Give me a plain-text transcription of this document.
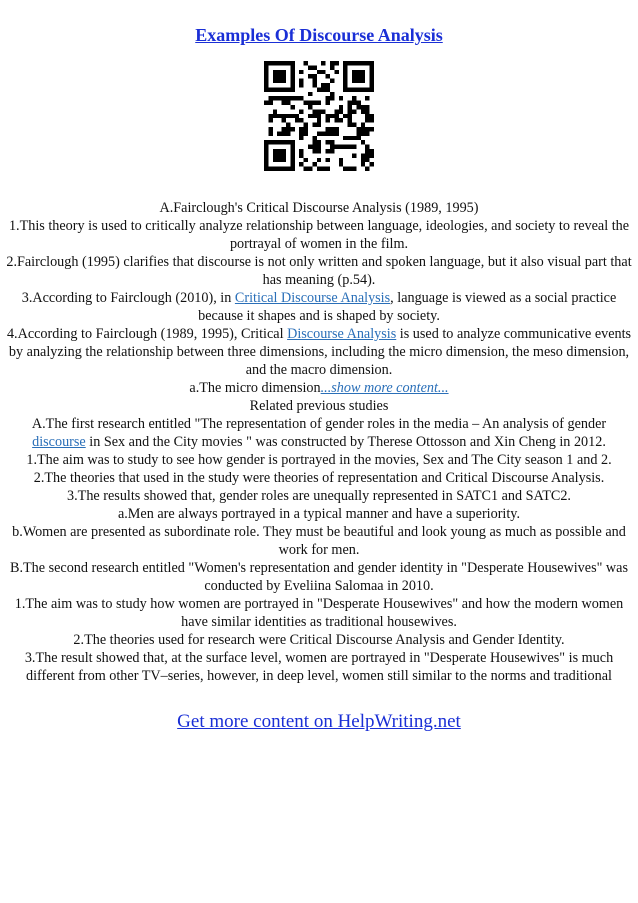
Examples Of Discourse Analysis

A.Fairclough's Critical Discourse Analysis (1989, 1995)

1.This theory is used to critically analyze relationship between language, ideologies, and society to reveal the portrayal of women in the film.

2.Fairclough (1995) clarifies that discourse is not only written and spoken language, but it also visual part that has meaning (p.54).

3.According to Fairclough (2010), in Critical Discourse Analysis, language is viewed as a social practice because it shapes and is shaped by society.

4.According to Fairclough (1989, 1995), Critical Discourse Analysis is used to analyze communicative events by analyzing the relationship between three dimensions, including the micro dimension, the meso dimension, and the macro dimension.

a.The micro dimension...show more content...

Related previous studies

A.The first research entitled "The representation of gender roles in the media – An analysis of gender

discourse in Sex and the City movies " was constructed by Therese Ottosson and Xin Cheng in 2012.

1.The aim was to study to see how gender is portrayed in the movies, Sex and The City season 1 and 2.

2.The theories that used in the study were theories of representation and Critical Discourse Analysis.

3.The results showed that, gender roles are unequally represented in SATC1 and SATC2.

a.Men are always portrayed in a typical manner and have a superiority.

b.Women are presented as subordinate role. They must be beautiful and look young as much as possible and work for men.

B.The second research entitled "Women's representation and gender identity in "Desperate Housewives" was conducted by Eveliina Salomaa in 2010.

1.The aim was to study how women are portrayed in "Desperate Housewives" and how the modern women have similar identities as traditional housewives.

2.The theories used for research were Critical Discourse Analysis and Gender Identity.

3.The result showed that, at the surface level, women are portrayed in "Desperate Housewives" is much different from other TV–series, however, in deep level, women still similar to the norms and traditional

Get more content on HelpWriting.net
